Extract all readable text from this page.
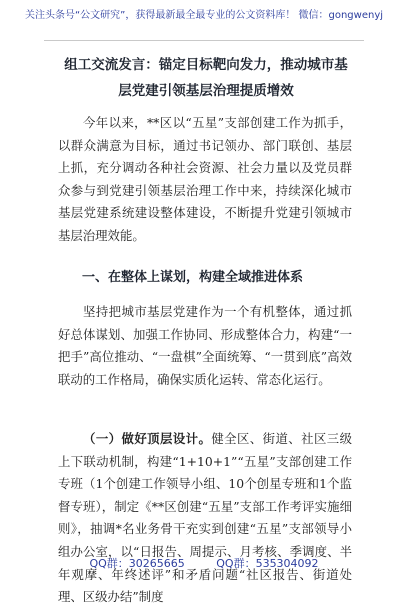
关注头条号“公文研究”，获得最新最全最专业的公文资料库！ 微信：gongwenyj
组工交流发言：锚定目标靶向发力，推动城市基层党建引领基层治理提质增效
今年以来，**区以“五星”支部创建工作为抓手，以群众满意为目标，通过书记领办、部门联创、基层上抓，充分调动各种社会资源、社会力量以及党员群众参与到党建引领基层治理工作中来，持续深化城市基层党建系统建设整体建设，不断提升党建引领城市基层治理效能。
一、在整体上谋划，构建全域推进体系
坚持把城市基层党建作为一个有机整体，通过抓好总体谋划、加强工作协同、形成整体合力，构建“一把手”高位推动、“一盘棋”全面统筹、“一贯到底”高效联动的工作格局，确保实质化运转、常态化运行。
（一）做好顶层设计。健全区、街道、社区三级上下联动机制，构建“1+10+1”“五星”支部创建工作专班（1个创建工作领导小组、10个创星专班和1个监督专班），制定《**区创建“五星”支部工作考评实施细则》，抽调*名业务骨干充实到创建“五星”支部领导小组办公室，以“日报告、周提示、月考核、季调度、半年观摩、年终述评”和矛盾问题“社区报告、街道处理、区级办结”制度
QQ群：30265665	QQ群：535304092
